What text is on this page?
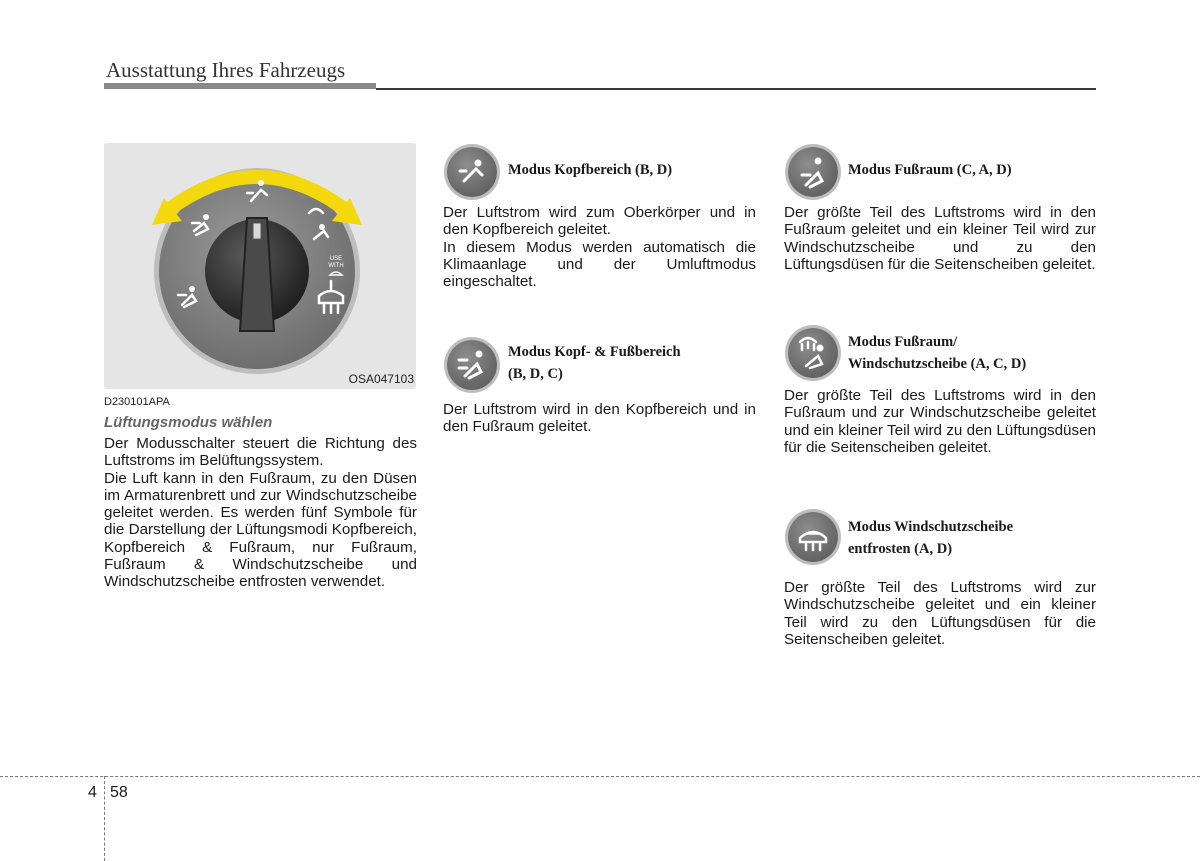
Ausstattung Ihres Fahrzeugs
USE
WITH
OSA047103
D230101APA
Lüftungsmodus wählen

Der Modusschalter steuert die Richtung des Luftstroms im Belüftungssystem.

Die Luft kann in den Fußraum, zu den Düsen im Armaturenbrett und zur Windschutzscheibe geleitet werden. Es werden fünf Symbole für die Darstellung der Lüftungsmodi Kopfbereich, Kopfbereich & Fußraum, nur Fußraum, Fußraum & Windschutzscheibe und Windschutzscheibe entfrosten verwendet.

Modus Kopfbereich (B, D)

Der Luftstrom wird zum Oberkörper und in den Kopfbereich geleitet.

In diesem Modus werden automatisch die Klimaanlage und der Umluftmodus eingeschaltet.

Modus Kopf- & Fußbereich
(B, D, C)

Der Luftstrom wird in den Kopfbereich und in den Fußraum geleitet.

Modus Fußraum (C, A, D)

Der größte Teil des Luftstroms wird in den Fußraum geleitet und ein kleiner Teil wird zur Windschutzscheibe und zu den Lüftungsdüsen für die Seitenscheiben geleitet.

Modus Fußraum/
Windschutzscheibe (A, C, D)

Der größte Teil des Luftstroms wird in den Fußraum und zur Windschutzscheibe geleitet und ein kleiner Teil wird zu den Lüftungsdüsen für die Seitenscheiben geleitet.

Modus Windschutzscheibe
entfrosten (A, D)

Der größte Teil des Luftstroms wird zur Windschutzscheibe geleitet und ein kleiner Teil wird zu den Lüftungsdüsen für die Seitenscheiben geleitet.

4 58
